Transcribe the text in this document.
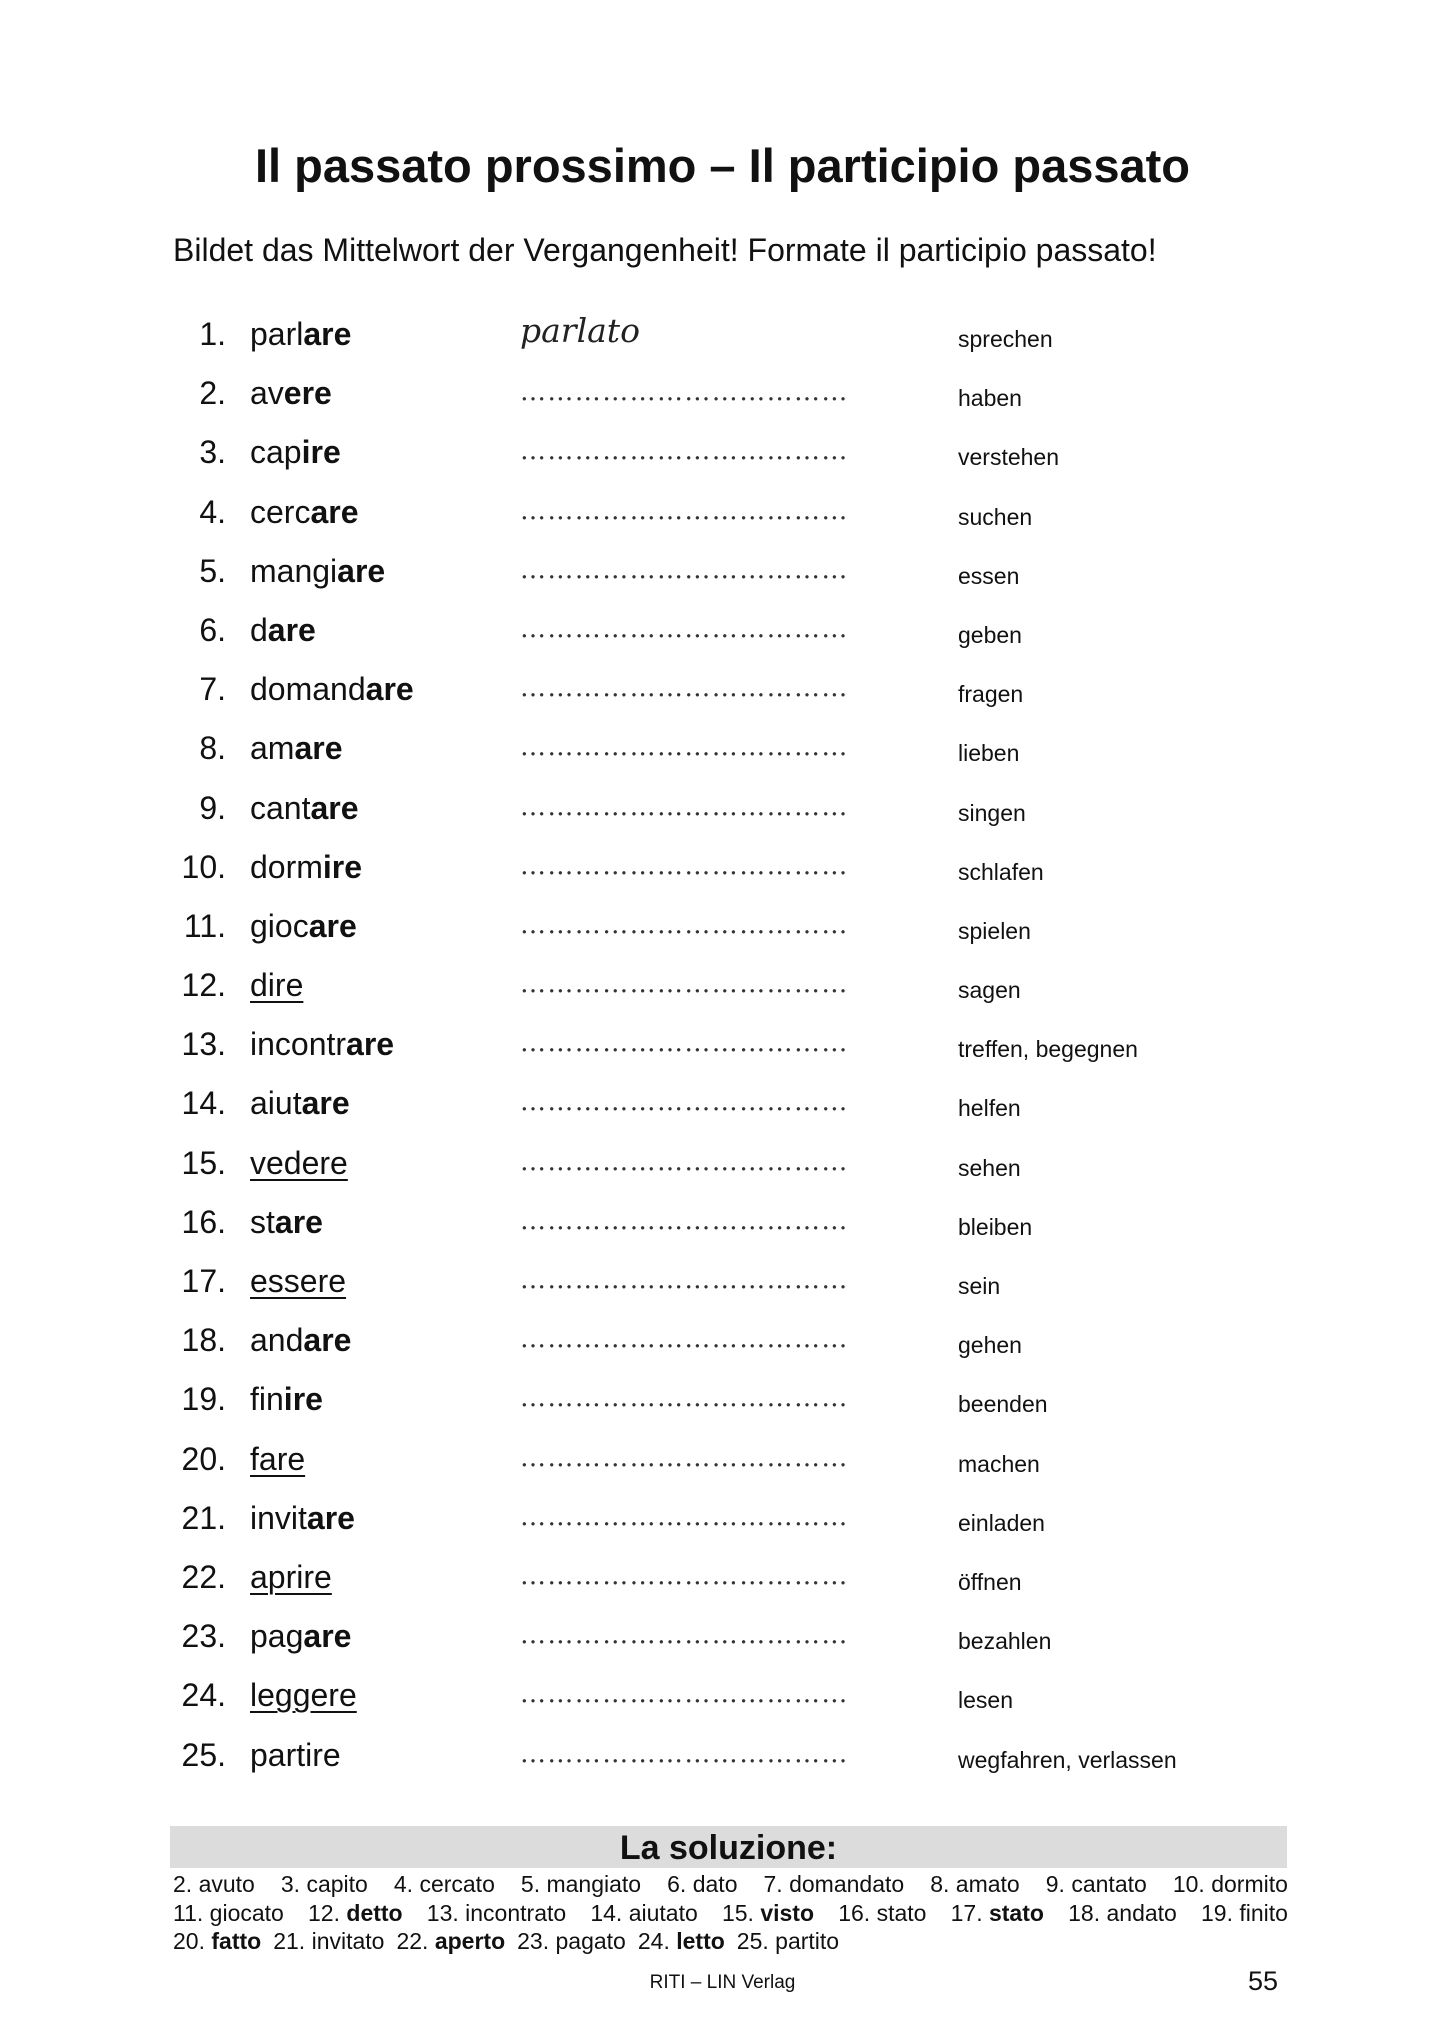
Il passato prossimo – Il participio passato
Bildet das Mittelwort der Vergangenheit! Formate il participio passato!
1. parlare	parlato	sprechen
2. avere	………………………………	haben
3. capire	………………………………	verstehen
4. cercare	………………………………	suchen
5. mangiare	………………………………	essen
6. dare	………………………………	geben
7. domandare	………………………………	fragen
8. amare	………………………………	lieben
9. cantare	………………………………	singen
10. dormire	………………………………	schlafen
11. giocare	………………………………	spielen
12. dire	………………………………	sagen
13. incontrare	………………………………	treffen, begegnen
14. aiutare	………………………………	helfen
15. vedere	………………………………	sehen
16. stare	………………………………	bleiben
17. essere	………………………………	sein
18. andare	………………………………	gehen
19. finire	………………………………	beenden
20. fare	………………………………	machen
21. invitare	………………………………	einladen
22. aprire	………………………………	öffnen
23. pagare	………………………………	bezahlen
24. leggere	………………………………	lesen
25. partire	………………………………	wegfahren, verlassen
La soluzione:
2. avuto 3. capito 4. cercato 5. mangiato 6. dato 7. domandato 8. amato 9. cantato 10. dormito
11. giocato 12. detto 13. incontrato 14. aiutato 15. visto 16. stato 17. stato 18. andato 19. finito
20. fatto 21. invitato 22. aperto 23. pagato 24. letto 25. partito
RITI – LIN Verlag	55
